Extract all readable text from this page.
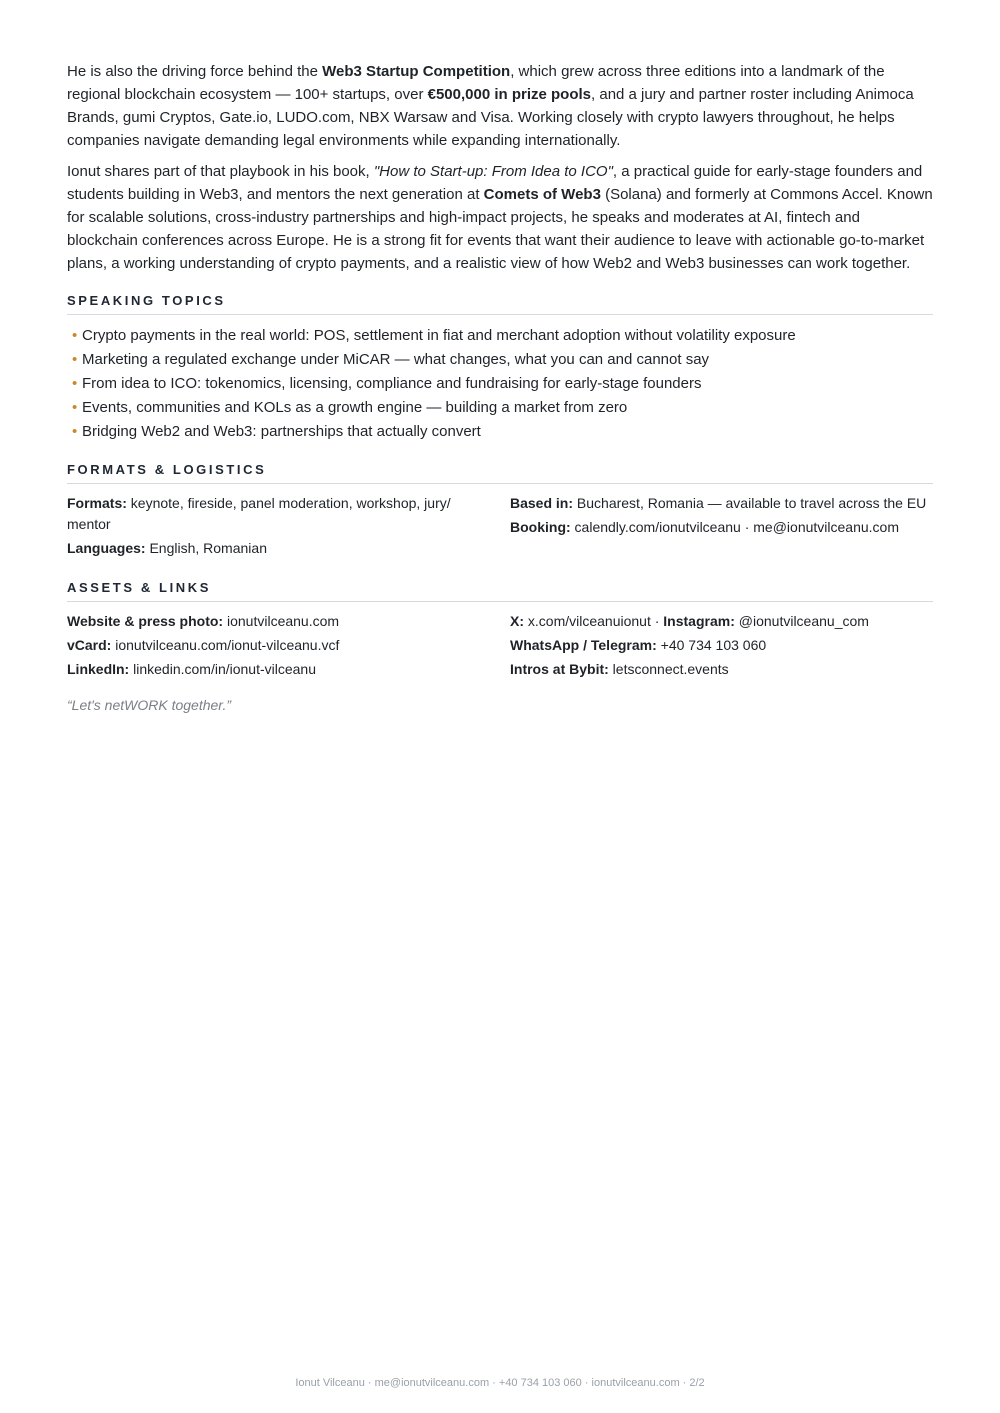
He is also the driving force behind the Web3 Startup Competition, which grew across three editions into a landmark of the regional blockchain ecosystem — 100+ startups, over €500,000 in prize pools, and a jury and partner roster including Animoca Brands, gumi Cryptos, Gate.io, LUDO.com, NBX Warsaw and Visa. Working closely with crypto lawyers throughout, he helps companies navigate demanding legal environments while expanding internationally.

Ionut shares part of that playbook in his book, "How to Start-up: From Idea to ICO", a practical guide for early-stage founders and students building in Web3, and mentors the next generation at Comets of Web3 (Solana) and formerly at Commons Accel. Known for scalable solutions, cross-industry partnerships and high-impact projects, he speaks and moderates at AI, fintech and blockchain conferences across Europe. He is a strong fit for events that want their audience to leave with actionable go-to-market plans, a working understanding of crypto payments, and a realistic view of how Web2 and Web3 businesses can work together.

SPEAKING TOPICS
• Crypto payments in the real world: POS, settlement in fiat and merchant adoption without volatility exposure
• Marketing a regulated exchange under MiCAR — what changes, what you can and cannot say
• From idea to ICO: tokenomics, licensing, compliance and fundraising for early-stage founders
• Events, communities and KOLs as a growth engine — building a market from zero
• Bridging Web2 and Web3: partnerships that actually convert
FORMATS & LOGISTICS
Formats: keynote, fireside, panel moderation, workshop, jury/ mentor
Languages: English, Romanian
Based in: Bucharest, Romania — available to travel across the EU
Booking: calendly.com/ionutvilceanu · me@ionutvilceanu.com
ASSETS & LINKS
Website & press photo: ionutvilceanu.com
vCard: ionutvilceanu.com/ionut-vilceanu.vcf
LinkedIn: linkedin.com/in/ionut-vilceanu
X: x.com/vilceanuionut · Instagram: @ionutvilceanu_com
WhatsApp / Telegram: +40 734 103 060
Intros at Bybit: letsconnect.events
“Let's netWORK together.”
Ionut Vilceanu · me@ionutvilceanu.com · +40 734 103 060 · ionutvilceanu.com · 2/2
